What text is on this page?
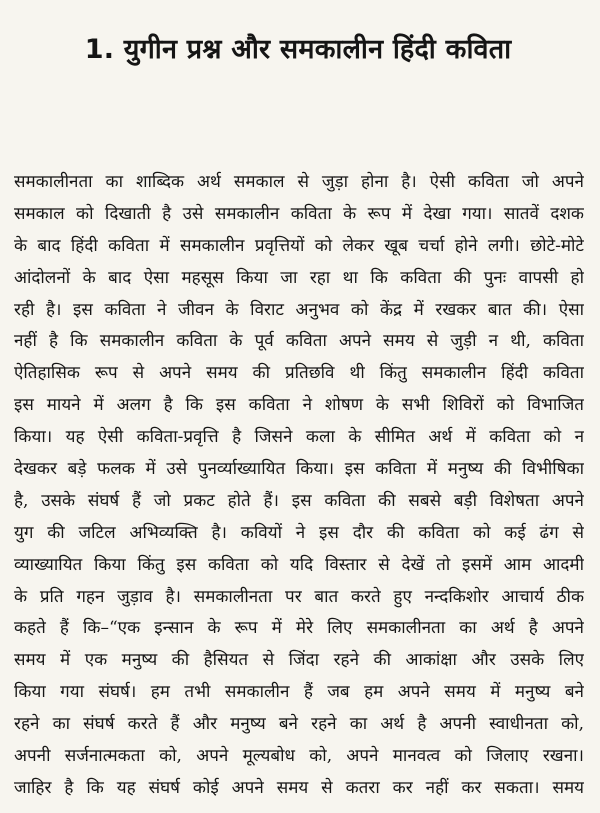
1. युगीन प्रश्न और समकालीन हिंदी कविता
समकालीनता का शाब्दिक अर्थ समकाल से जुड़ा होना है। ऐसी कविता जो अपने
समकाल को दिखाती है उसे समकालीन कविता के रूप में देखा गया। सातवें दशक
के बाद हिंदी कविता में समकालीन प्रवृत्तियों को लेकर खूब चर्चा होने लगी। छोटे-मोटे
आंदोलनों के बाद ऐसा महसूस किया जा रहा था कि कविता की पुनः वापसी हो
रही है। इस कविता ने जीवन के विराट अनुभव को केंद्र में रखकर बात की। ऐसा
नहीं है कि समकालीन कविता के पूर्व कविता अपने समय से जुड़ी न थी, कविता
ऐतिहासिक रूप से अपने समय की प्रतिछवि थी किंतु समकालीन हिंदी कविता
इस मायने में अलग है कि इस कविता ने शोषण के सभी शिविरों को विभाजित
किया। यह ऐसी कविता-प्रवृत्ति है जिसने कला के सीमित अर्थ में कविता को न
देखकर बड़े फलक में उसे पुनर्व्याख्यायित किया। इस कविता में मनुष्य की विभीषिका
है, उसके संघर्ष हैं जो प्रकट होते हैं। इस कविता की सबसे बड़ी विशेषता अपने
युग की जटिल अभिव्यक्ति है। कवियों ने इस दौर की कविता को कई ढंग से
व्याख्यायित किया किंतु इस कविता को यदि विस्तार से देखें तो इसमें आम आदमी
के प्रति गहन जुड़ाव है। समकालीनता पर बात करते हुए नन्दकिशोर आचार्य ठीक
कहते हैं कि–“एक इन्सान के रूप में मेरे लिए समकालीनता का अर्थ है अपने
समय में एक मनुष्य की हैसियत से जिंदा रहने की आकांक्षा और उसके लिए
किया गया संघर्ष। हम तभी समकालीन हैं जब हम अपने समय में मनुष्य बने
रहने का संघर्ष करते हैं और मनुष्य बने रहने का अर्थ है अपनी स्वाधीनता को,
अपनी सर्जनात्मकता को, अपने मूल्यबोध को, अपने मानवत्व को जिलाए रखना।
जाहिर है कि यह संघर्ष कोई अपने समय से कतरा कर नहीं कर सकता। समय
